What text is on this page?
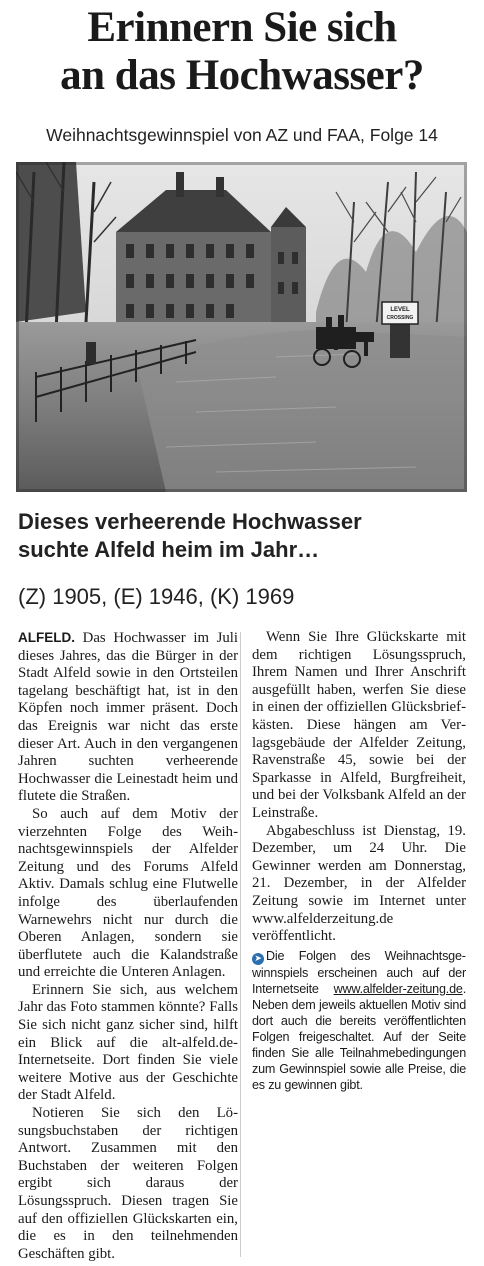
Erinnern Sie sich
an das Hochwasser?
Weihnachtsgewinnspiel von AZ und FAA, Folge 14
LEVEL
CROSSING
Dieses verheerende Hochwasser
suchte Alfeld heim im Jahr…
(Z) 1905, (E) 1946, (K) 1969

ALFELD. Das Hochwasser im Juli dieses Jahres, das die Bürger in der Stadt Alfeld sowie in den Ortsteilen tagelang beschäftigt hat, ist in den Köpfen noch immer präsent. Doch das Ereignis war nicht das erste dieser Art. Auch in den vergangenen Jahren suchten verheerende Hochwasser die Leinestadt heim und flutete die Straßen.

So auch auf dem Motiv der vierzehnten Folge des Weihnachtsgewinnspiels der Alfelder Zeitung und des Forums Alfeld Aktiv. Damals schlug eine Flutwelle infolge des überlaufenden Warnewehrs nicht nur durch die Oberen Anlagen, sondern sie überflutete auch die Kalandstraße und erreichte die Unteren Anlagen.

Erinnern Sie sich, aus welchem Jahr das Foto stammen könnte? Falls Sie sich nicht ganz sicher sind, hilft ein Blick auf die alt-alfeld.de-Internetseite. Dort finden Sie viele weitere Motive aus der Geschichte der Stadt Alfeld.

Notieren Sie sich den Lösungsbuchstaben der richtigen Antwort. Zusammen mit den Buchstaben der weiteren Folgen ergibt sich daraus der Lösungsspruch. Diesen tragen Sie auf den offiziellen Glückskarten ein, die es in den teilnehmenden Geschäften gibt.

Wenn Sie Ihre Glückskarte mit dem richtigen Lösungsspruch, Ihrem Namen und Ihrer Anschrift ausgefüllt haben, werfen Sie diese in einen der offiziellen Glücksbriefkästen. Diese hängen am Verlagsgebäude der Alfelder Zeitung, Ravenstraße 45, sowie bei der Sparkasse in Alfeld, Burgfreiheit, und bei der Volksbank Alfeld an der Leinstraße.

Abgabeschluss ist Dienstag, 19. Dezember, um 24 Uhr. Die Gewinner werden am Donnerstag, 21. Dezember, in der Alfelder Zeitung sowie im Internet unter www.alfelderzeitung.de veröffentlicht.

➤ Die Folgen des Weihnachtsgewinnspiels erscheinen auch auf der Internetseite www.alfelder-zeitung.de. Neben dem jeweils aktuellen Motiv sind dort auch die bereits veröffentlichten Folgen freigeschaltet. Auf der Seite finden Sie alle Teilnahmebedingungen zum Gewinnspiel sowie alle Preise, die es zu gewinnen gibt.
